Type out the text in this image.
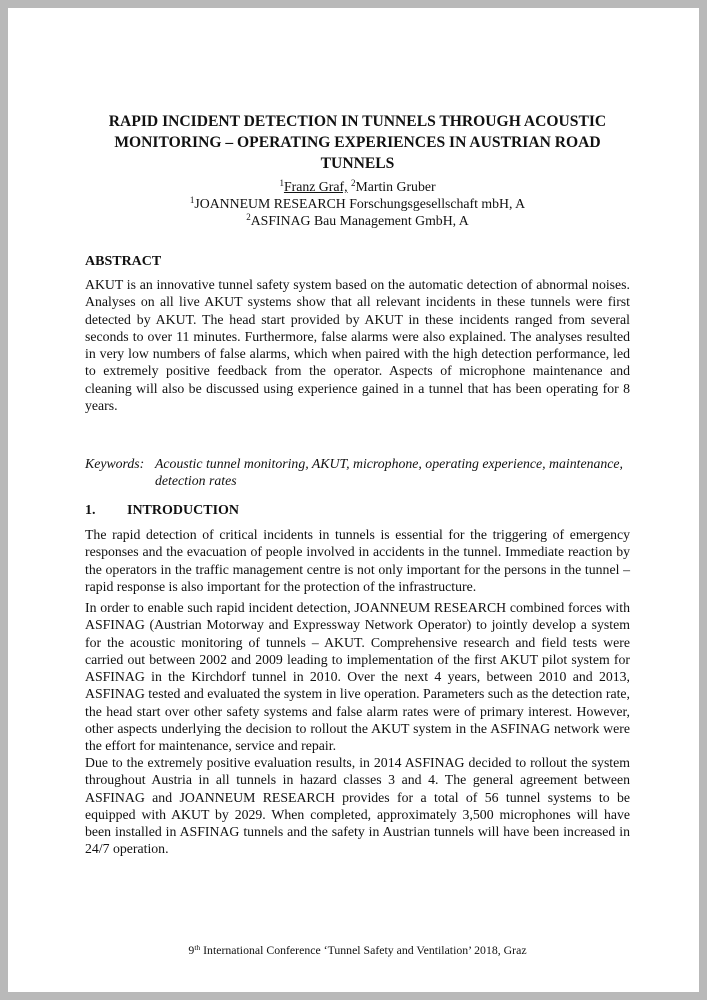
RAPID INCIDENT DETECTION IN TUNNELS THROUGH ACOUSTIC MONITORING – OPERATING EXPERIENCES IN AUSTRIAN ROAD TUNNELS
$^1$Franz Graf, $^2$Martin Gruber
$^1$JOANNEUM RESEARCH Forschungsgesellschaft mbH, A
$^2$ASFINAG Bau Management GmbH, A
ABSTRACT
AKUT is an innovative tunnel safety system based on the automatic detection of abnormal noises. Analyses on all live AKUT systems show that all relevant incidents in these tunnels were first detected by AKUT. The head start provided by AKUT in these incidents ranged from several seconds to over 11 minutes. Furthermore, false alarms were also explained. The analyses resulted in very low numbers of false alarms, which when paired with the high detection performance, led to extremely positive feedback from the operator. Aspects of microphone maintenance and cleaning will also be discussed using experience gained in a tunnel that has been operating for 8 years.
Keywords: Acoustic tunnel monitoring, AKUT, microphone, operating experience, maintenance, detection rates
1. INTRODUCTION
The rapid detection of critical incidents in tunnels is essential for the triggering of emergency responses and the evacuation of people involved in accidents in the tunnel. Immediate reaction by the operators in the traffic management centre is not only important for the persons in the tunnel – rapid response is also important for the protection of the infrastructure.
In order to enable such rapid incident detection, JOANNEUM RESEARCH combined forces with ASFINAG (Austrian Motorway and Expressway Network Operator) to jointly develop a system for the acoustic monitoring of tunnels – AKUT. Comprehensive research and field tests were carried out between 2002 and 2009 leading to implementation of the first AKUT pilot system for ASFINAG in the Kirchdorf tunnel in 2010. Over the next 4 years, between 2010 and 2013, ASFINAG tested and evaluated the system in live operation. Parameters such as the detection rate, the head start over other safety systems and false alarm rates were of primary interest. However, other aspects underlying the decision to rollout the AKUT system in the ASFINAG network were the effort for maintenance, service and repair.
Due to the extremely positive evaluation results, in 2014 ASFINAG decided to rollout the system throughout Austria in all tunnels in hazard classes 3 and 4. The general agreement between ASFINAG and JOANNEUM RESEARCH provides for a total of 56 tunnel systems to be equipped with AKUT by 2029. When completed, approximately 3,500 microphones will have been installed in ASFINAG tunnels and the safety in Austrian tunnels will have been increased in 24/7 operation.
9th International Conference ‘Tunnel Safety and Ventilation’ 2018, Graz
